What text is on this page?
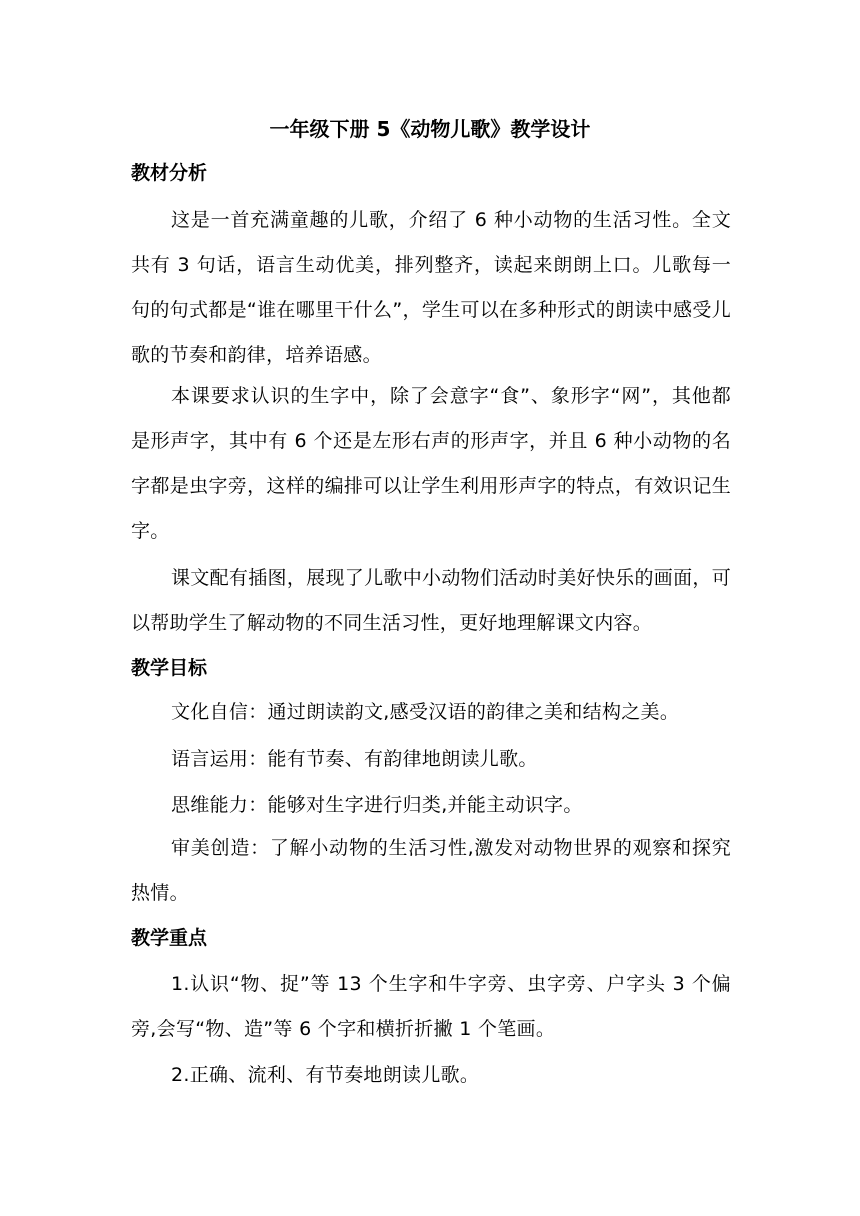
一年级下册 5《动物儿歌》教学设计
教材分析

这是一首充满童趣的儿歌，介绍了 6 种小动物的生活习性。全文共有 3 句话，语言生动优美，排列整齐，读起来朗朗上口。儿歌每一句的句式都是“谁在哪里干什么”，学生可以在多种形式的朗读中感受儿歌的节奏和韵律，培养语感。

本课要求认识的生字中，除了会意字“食”、象形字“网”，其他都是形声字，其中有 6 个还是左形右声的形声字，并且 6 种小动物的名字都是虫字旁，这样的编排可以让学生利用形声字的特点，有效识记生字。

课文配有插图，展现了儿歌中小动物们活动时美好快乐的画面，可以帮助学生了解动物的不同生活习性，更好地理解课文内容。

教学目标

文化自信：通过朗读韵文,感受汉语的韵律之美和结构之美。

语言运用：能有节奏、有韵律地朗读儿歌。

思维能力：能够对生字进行归类,并能主动识字。

审美创造：了解小动物的生活习性,激发对动物世界的观察和探究热情。

教学重点

1.认识“物、捉”等 13 个生字和牛字旁、虫字旁、户字头 3 个偏旁,会写“物、造”等 6 个字和横折折撇 1 个笔画。

2.正确、流利、有节奏地朗读儿歌。
